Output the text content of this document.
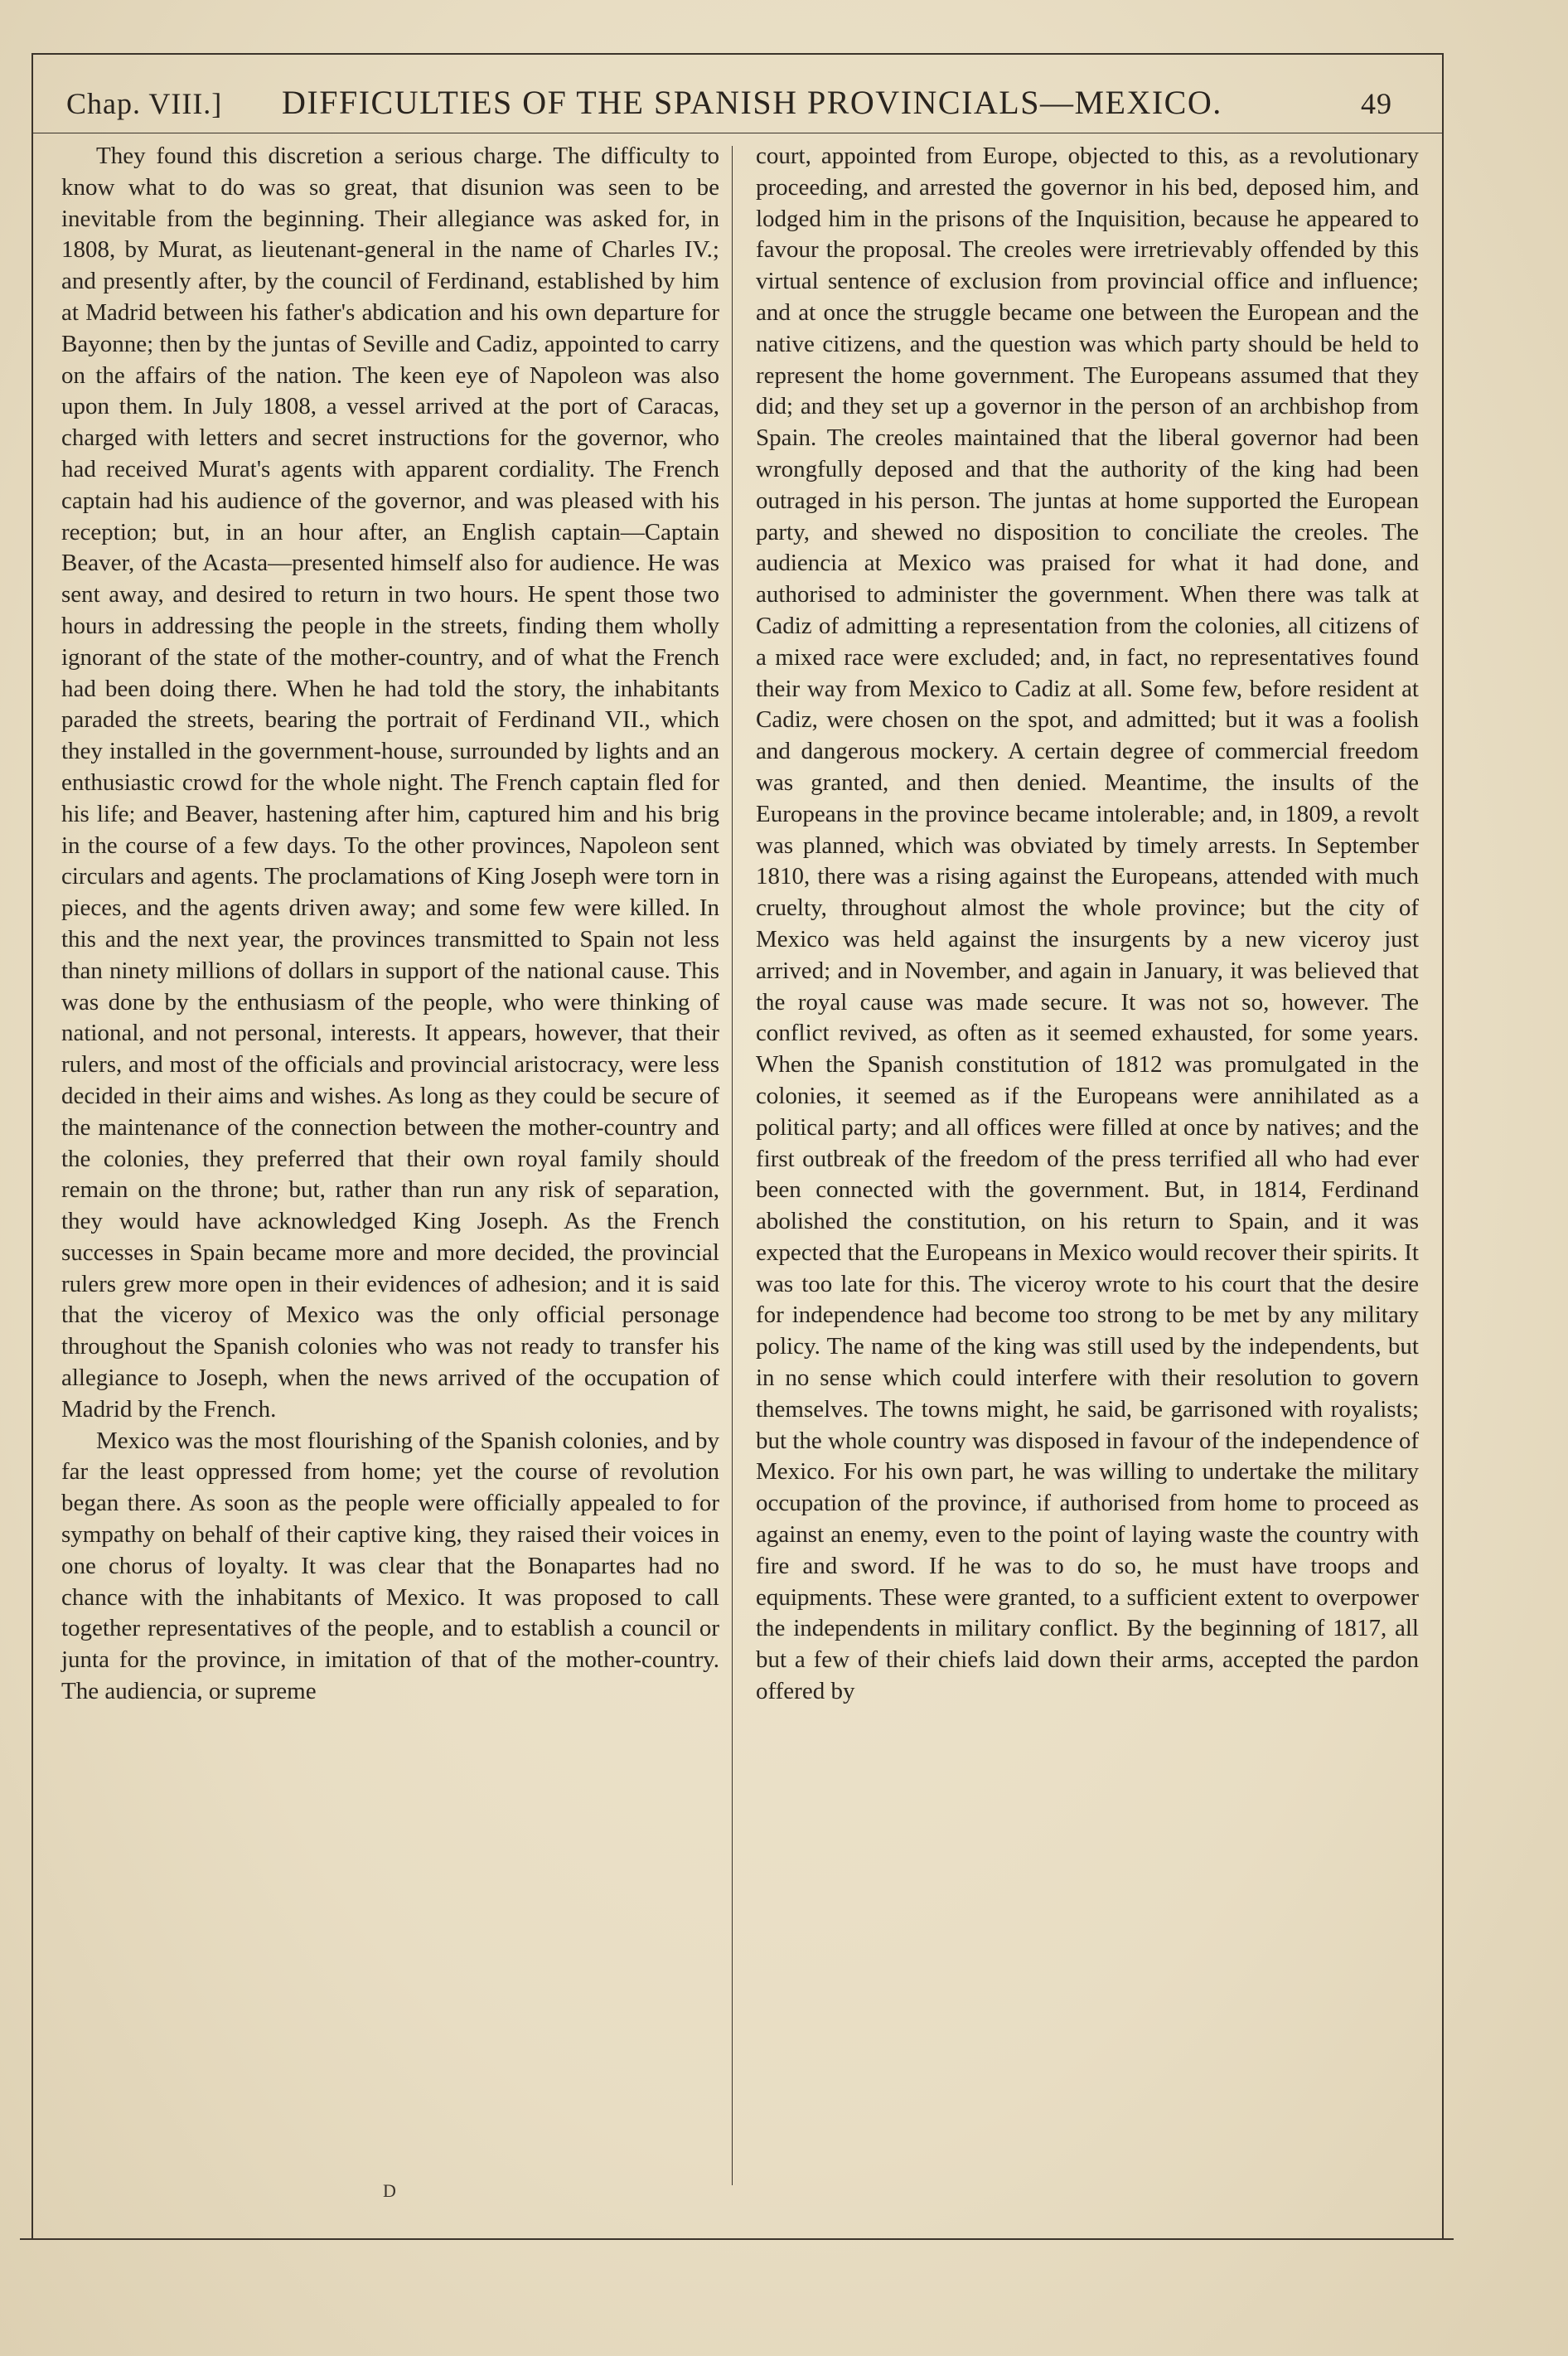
Chap. VIII.] DIFFICULTIES OF THE SPANISH PROVINCIALS—MEXICO.	49

They found this discretion a serious charge. The difficulty to know what to do was so great, that disunion was seen to be inevitable from the beginning. Their allegiance was asked for, in 1808, by Murat, as lieutenant-general in the name of Charles IV.; and presently after, by the council of Ferdinand, established by him at Madrid between his father's abdication and his own departure for Bayonne; then by the juntas of Seville and Cadiz, appointed to carry on the affairs of the nation. The keen eye of Napoleon was also upon them. In July 1808, a vessel arrived at the port of Caracas, charged with letters and secret instructions for the governor, who had received Murat's agents with apparent cordiality. The French captain had his audience of the governor, and was pleased with his reception; but, in an hour after, an English captain—Captain Beaver, of the Acasta—presented himself also for audience. He was sent away, and desired to return in two hours. He spent those two hours in addressing the people in the streets, finding them wholly ignorant of the state of the mother-country, and of what the French had been doing there. When he had told the story, the inhabitants paraded the streets, bearing the portrait of Ferdinand VII., which they installed in the government-house, surrounded by lights and an enthusiastic crowd for the whole night. The French captain fled for his life; and Beaver, hastening after him, captured him and his brig in the course of a few days. To the other provinces, Napoleon sent circulars and agents. The proclamations of King Joseph were torn in pieces, and the agents driven away; and some few were killed. In this and the next year, the provinces transmitted to Spain not less than ninety millions of dollars in support of the national cause. This was done by the enthusiasm of the people, who were thinking of national, and not personal, interests. It appears, however, that their rulers, and most of the officials and provincial aristocracy, were less decided in their aims and wishes. As long as they could be secure of the maintenance of the connection between the mother-country and the colonies, they preferred that their own royal family should remain on the throne; but, rather than run any risk of separation, they would have acknowledged King Joseph. As the French successes in Spain became more and more decided, the provincial rulers grew more open in their evidences of adhesion; and it is said that the viceroy of Mexico was the only official personage throughout the Spanish colonies who was not ready to transfer his allegiance to Joseph, when the news arrived of the occupation of Madrid by the French.

Mexico was the most flourishing of the Spanish colonies, and by far the least oppressed from home; yet the course of revolution began there. As soon as the people were officially appealed to for sympathy on behalf of their captive king, they raised their voices in one chorus of loyalty. It was clear that the Bonapartes had no chance with the inhabitants of Mexico. It was proposed to call together representatives of the people, and to establish a council or junta for the province, in imitation of that of the mother-country. The audiencia, or supreme

court, appointed from Europe, objected to this, as a revolutionary proceeding, and arrested the governor in his bed, deposed him, and lodged him in the prisons of the Inquisition, because he appeared to favour the proposal. The creoles were irretrievably offended by this virtual sentence of exclusion from provincial office and influence; and at once the struggle became one between the European and the native citizens, and the question was which party should be held to represent the home government. The Europeans assumed that they did; and they set up a governor in the person of an archbishop from Spain. The creoles maintained that the liberal governor had been wrongfully deposed and that the authority of the king had been outraged in his person. The juntas at home supported the European party, and shewed no disposition to conciliate the creoles. The audiencia at Mexico was praised for what it had done, and authorised to administer the government. When there was talk at Cadiz of admitting a representation from the colonies, all citizens of a mixed race were excluded; and, in fact, no representatives found their way from Mexico to Cadiz at all. Some few, before resident at Cadiz, were chosen on the spot, and admitted; but it was a foolish and dangerous mockery. A certain degree of commercial freedom was granted, and then denied. Meantime, the insults of the Europeans in the province became intolerable; and, in 1809, a revolt was planned, which was obviated by timely arrests. In September 1810, there was a rising against the Europeans, attended with much cruelty, throughout almost the whole province; but the city of Mexico was held against the insurgents by a new viceroy just arrived; and in November, and again in January, it was believed that the royal cause was made secure. It was not so, however. The conflict revived, as often as it seemed exhausted, for some years. When the Spanish constitution of 1812 was promulgated in the colonies, it seemed as if the Europeans were annihilated as a political party; and all offices were filled at once by natives; and the first outbreak of the freedom of the press terrified all who had ever been connected with the government. But, in 1814, Ferdinand abolished the constitution, on his return to Spain, and it was expected that the Europeans in Mexico would recover their spirits. It was too late for this. The viceroy wrote to his court that the desire for independence had become too strong to be met by any military policy. The name of the king was still used by the independents, but in no sense which could interfere with their resolution to govern themselves. The towns might, he said, be garrisoned with royalists; but the whole country was disposed in favour of the independence of Mexico. For his own part, he was willing to undertake the military occupation of the province, if authorised from home to proceed as against an enemy, even to the point of laying waste the country with fire and sword. If he was to do so, he must have troops and equipments. These were granted, to a sufficient extent to overpower the independents in military conflict. By the beginning of 1817, all but a few of their chiefs laid down their arms, accepted the pardon offered by

D
